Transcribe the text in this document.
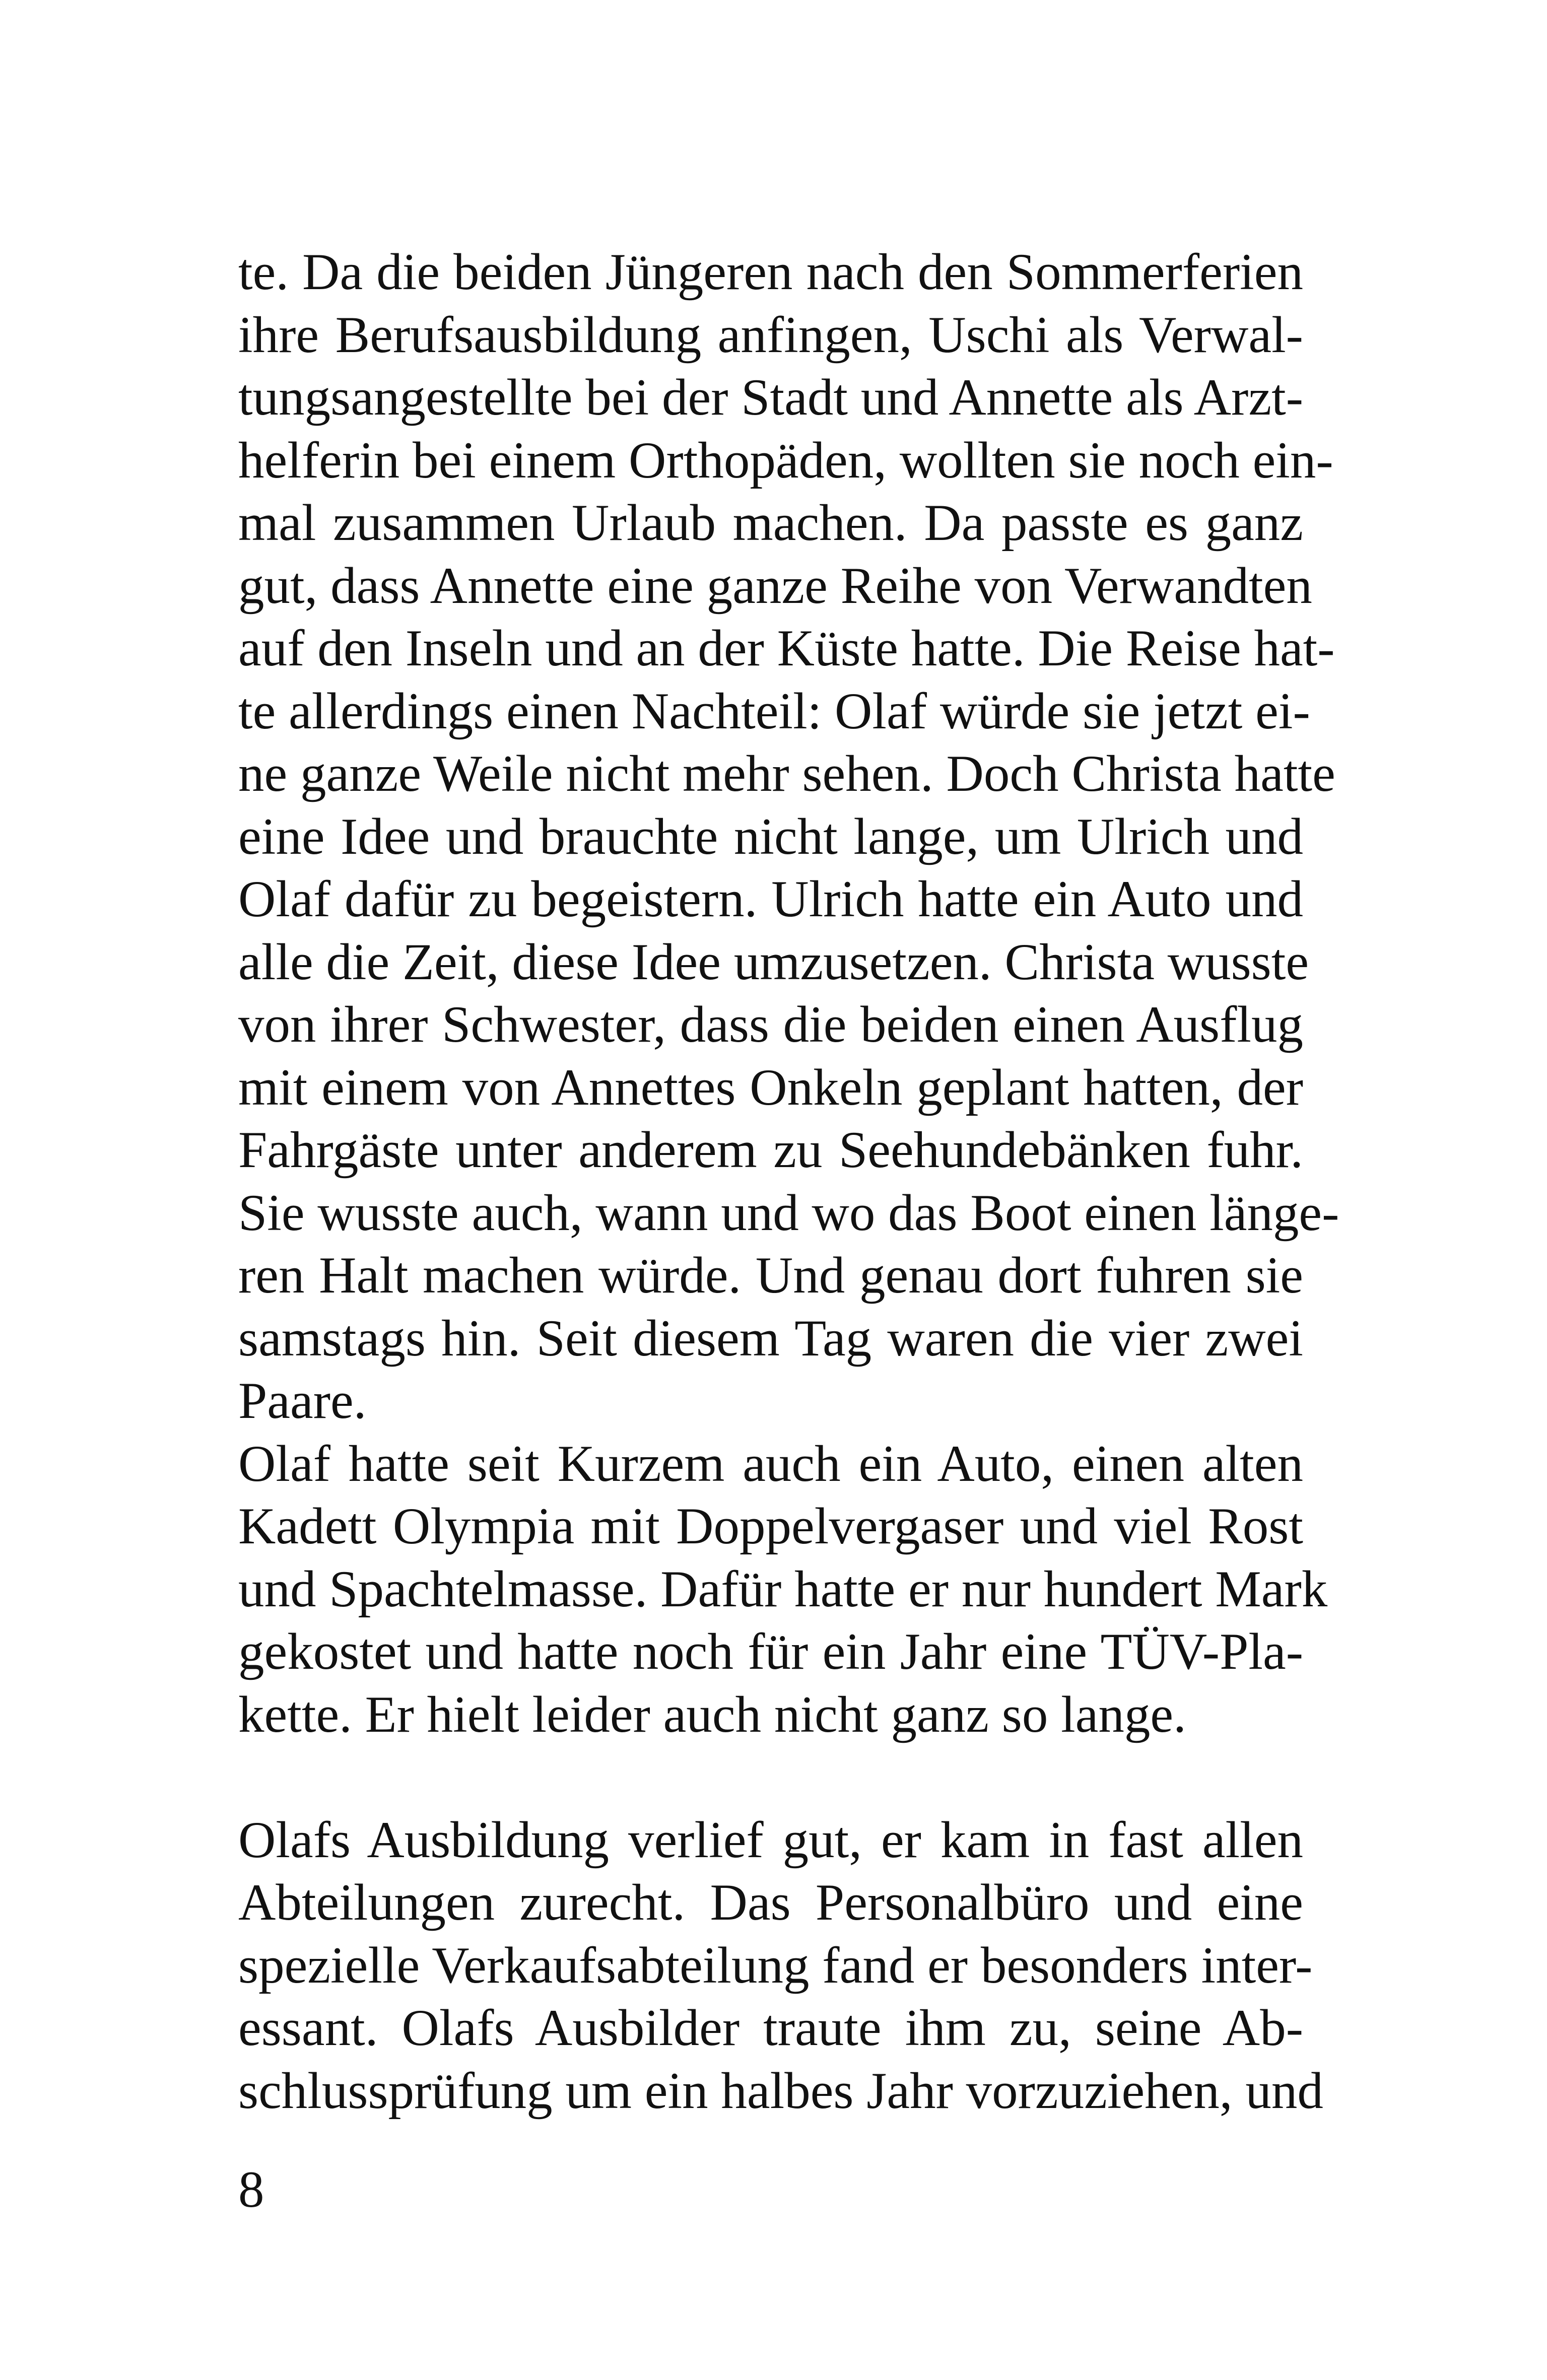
te. Da die beiden Jüngeren nach den Sommerferien
ihre Berufsausbildung anfingen, Uschi als Verwal-
tungsangestellte bei der Stadt und Annette als Arzt-
helferin bei einem Orthopäden, wollten sie noch ein-
mal zusammen Urlaub machen. Da passte es ganz
gut, dass Annette eine ganze Reihe von Verwandten
auf den Inseln und an der Küste hatte. Die Reise hat-
te allerdings einen Nachteil: Olaf würde sie jetzt ei-
ne ganze Weile nicht mehr sehen. Doch Christa hatte
eine Idee und brauchte nicht lange, um Ulrich und
Olaf dafür zu begeistern. Ulrich hatte ein Auto und
alle die Zeit, diese Idee umzusetzen. Christa wusste
von ihrer Schwester, dass die beiden einen Ausflug
mit einem von Annettes Onkeln geplant hatten, der
Fahrgäste unter anderem zu Seehundebänken fuhr.
Sie wusste auch, wann und wo das Boot einen länge-
ren Halt machen würde. Und genau dort fuhren sie
samstags hin. Seit diesem Tag waren die vier zwei
Paare.
Olaf hatte seit Kurzem auch ein Auto, einen alten
Kadett Olympia mit Doppelvergaser und viel Rost
und Spachtelmasse. Dafür hatte er nur hundert Mark
gekostet und hatte noch für ein Jahr eine TÜV-Pla-
kette. Er hielt leider auch nicht ganz so lange.
Olafs Ausbildung verlief gut, er kam in fast allen
Abteilungen zurecht. Das Personalbüro und eine
spezielle Verkaufsabteilung fand er besonders inter-
essant. Olafs Ausbilder traute ihm zu, seine Ab-
schlussprüfung um ein halbes Jahr vorzuziehen, und
8
